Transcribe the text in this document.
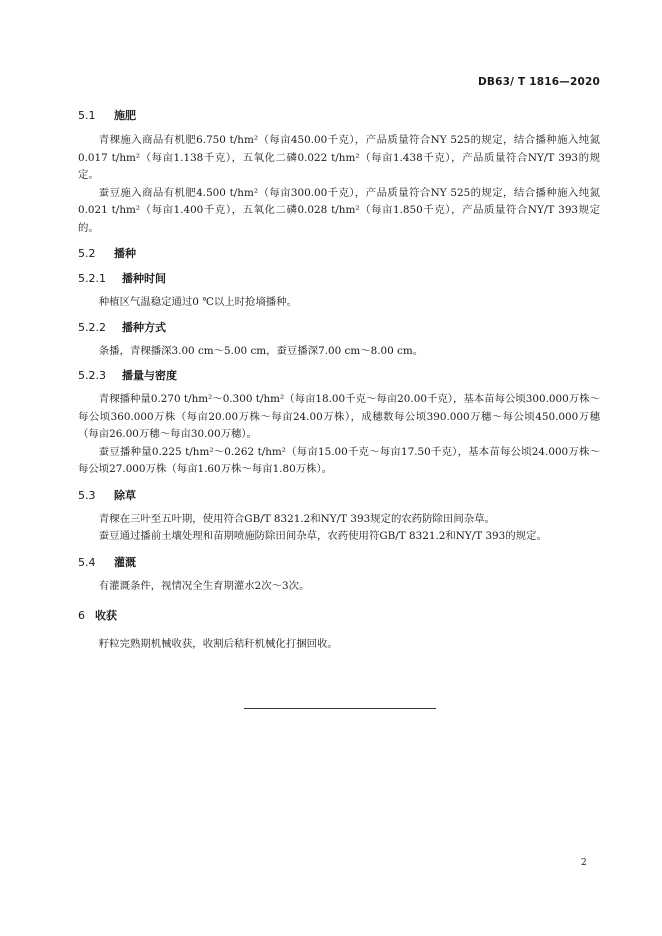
DB63/ T 1816—2020
5.1 施肥

青稞施入商品有机肥6.750 t/hm²（每亩450.00千克），产品质量符合NY 525的规定，结合播种施入纯氮0.017 t/hm²（每亩1.138千克），五氧化二磷0.022 t/hm²（每亩1.438千克），产品质量符合NY/T 393的规定。

蚕豆施入商品有机肥4.500 t/hm²（每亩300.00千克），产品质量符合NY 525的规定，结合播种施入纯氮0.021 t/hm²（每亩1.400千克），五氧化二磷0.028 t/hm²（每亩1.850千克），产品质量符合NY/T 393规定的。

5.2 播种
5.2.1 播种时间

种植区气温稳定通过0 ℃以上时抢墒播种。

5.2.2 播种方式

条播，青稞播深3.00 cm～5.00 cm，蚕豆播深7.00 cm～8.00 cm。

5.2.3 播量与密度

青稞播种量0.270 t/hm²～0.300 t/hm²（每亩18.00千克～每亩20.00千克），基本苗每公顷300.000万株～每公顷360.000万株（每亩20.00万株～每亩24.00万株），成穗数每公顷390.000万穗～每公顷450.000万穗（每亩26.00万穗～每亩30.00万穗）。

蚕豆播种量0.225 t/hm²～0.262 t/hm²（每亩15.00千克～每亩17.50千克），基本苗每公顷24.000万株～每公顷27.000万株（每亩1.60万株～每亩1.80万株）。

5.3 除草

青稞在三叶至五叶期，使用符合GB/T 8321.2和NY/T 393规定的农药防除田间杂草。

蚕豆通过播前土壤处理和苗期喷施防除田间杂草，农药使用符GB/T 8321.2和NY/T 393的规定。

5.4 灌溉

有灌溉条件，视情况全生育期灌水2次～3次。

6 收获

籽粒完熟期机械收获，收割后秸秆机械化打捆回收。

2
